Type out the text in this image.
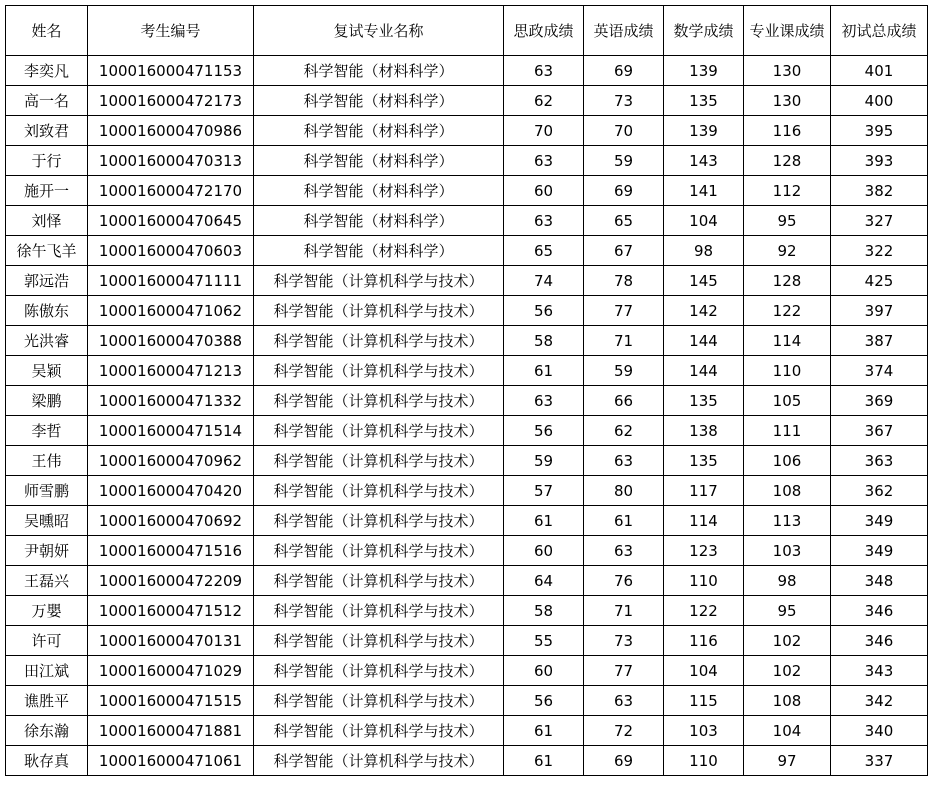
姓名	考生编号	复试专业名称	思政成绩	英语成绩	数学成绩	专业课成绩	初试总成绩
李奕凡	100016000471153	科学智能（材料科学）	63	69	139	130	401
高一名	100016000472173	科学智能（材料科学）	62	73	135	130	400
刘致君	100016000470986	科学智能（材料科学）	70	70	139	116	395
于行	100016000470313	科学智能（材料科学）	63	59	143	128	393
施开一	100016000472170	科学智能（材料科学）	60	69	141	112	382
刘怿	100016000470645	科学智能（材料科学）	63	65	104	95	327
徐午飞羊	100016000470603	科学智能（材料科学）	65	67	98	92	322
郭远浩	100016000471111	科学智能（计算机科学与技术）	74	78	145	128	425
陈傲东	100016000471062	科学智能（计算机科学与技术）	56	77	142	122	397
光洪睿	100016000470388	科学智能（计算机科学与技术）	58	71	144	114	387
吴颖	100016000471213	科学智能（计算机科学与技术）	61	59	144	110	374
梁鹏	100016000471332	科学智能（计算机科学与技术）	63	66	135	105	369
李哲	100016000471514	科学智能（计算机科学与技术）	56	62	138	111	367
王伟	100016000470962	科学智能（计算机科学与技术）	59	63	135	106	363
师雪鹏	100016000470420	科学智能（计算机科学与技术）	57	80	117	108	362
吴曛昭	100016000470692	科学智能（计算机科学与技术）	61	61	114	113	349
尹朝妍	100016000471516	科学智能（计算机科学与技术）	60	63	123	103	349
王磊兴	100016000472209	科学智能（计算机科学与技术）	64	76	110	98	348
万嬰	100016000471512	科学智能（计算机科学与技术）	58	71	122	95	346
许可	100016000470131	科学智能（计算机科学与技术）	55	73	116	102	346
田江斌	100016000471029	科学智能（计算机科学与技术）	60	77	104	102	343
谯胜平	100016000471515	科学智能（计算机科学与技术）	56	63	115	108	342
徐东瀚	100016000471881	科学智能（计算机科学与技术）	61	72	103	104	340
耿存真	100016000471061	科学智能（计算机科学与技术）	61	69	110	97	337
